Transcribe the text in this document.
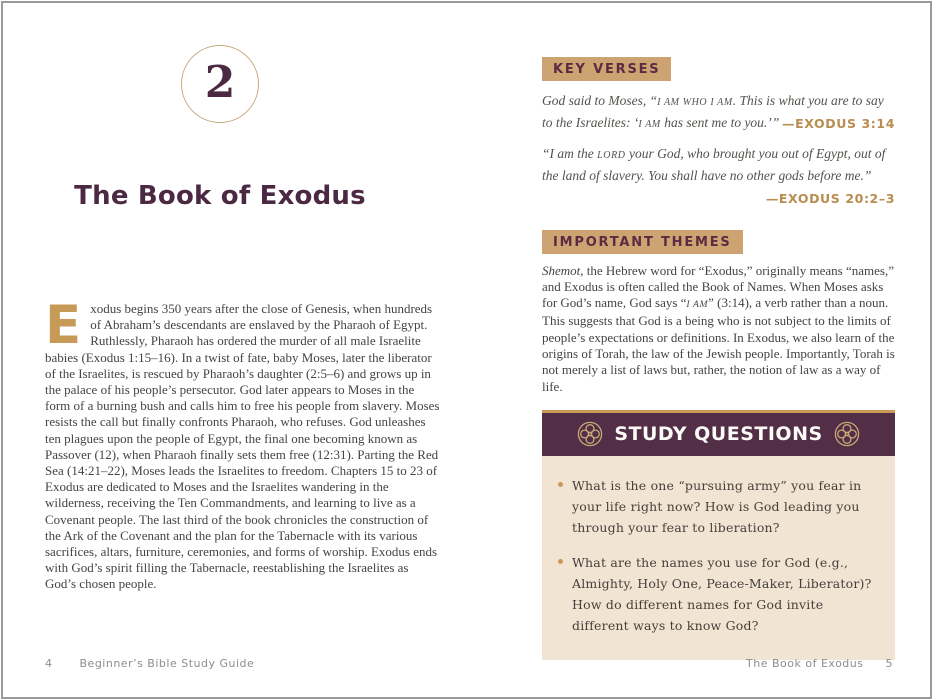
2
The Book of Exodus

Exodus begins 350 years after the close of Genesis, when hundreds of Abraham’s descendants are enslaved by the Pharaoh of Egypt. Ruthlessly, Pharaoh has ordered the murder of all male Israelite babies (Exodus 1:15–16). In a twist of fate, baby Moses, later the liberator of the Israelites, is rescued by Pharaoh’s daughter (2:5–6) and grows up in the palace of his people’s persecutor. God later appears to Moses in the form of a burning bush and calls him to free his people from slavery. Moses resists the call but finally confronts Pharaoh, who refuses. God unleashes ten plagues upon the people of Egypt, the final one becoming known as Passover (12), when Pharaoh finally sets them free (12:31). Parting the Red Sea (14:21–22), Moses leads the Israelites to freedom. Chapters 15 to 23 of Exodus are dedicated to Moses and the Israelites wandering in the wilderness, receiving the Ten Commandments, and learning to live as a Covenant people. The last third of the book chronicles the construction of the Ark of the Covenant and the plan for the Tabernacle with its various sacrifices, altars, furniture, ceremonies, and forms of worship. Exodus ends with God’s spirit filling the Tabernacle, reestablishing the Israelites as God’s chosen people.

KEY VERSES

God said to Moses, “I AM WHO I AM. This is what you are to say to the Israelites: ‘I AM has sent me to you.’” —EXODUS 3:14

“I am the LORD your God, who brought you out of Egypt, out of the land of slavery. You shall have no other gods before me.”
—EXODUS 20:2–3

IMPORTANT THEMES

Shemot, the Hebrew word for “Exodus,” originally means “names,” and Exodus is often called the Book of Names. When Moses asks for God’s name, God says “I AM” (3:14), a verb rather than a noun. This suggests that God is a being who is not subject to the limits of people’s expectations or definitions. In Exodus, we also learn of the origins of Torah, the law of the Jewish people. Importantly, Torah is not merely a list of laws but, rather, the notion of law as a way of life.

STUDY QUESTIONS
What is the one “pursuing army” you fear in your life right now? How is God leading you through your fear to liberation?
What are the names you use for God (e.g., Almighty, Holy One, Peace-Maker, Liberator)? How do different names for God invite different ways to know God?
4 Beginner’s Bible Study Guide	The Book of Exodus 5
